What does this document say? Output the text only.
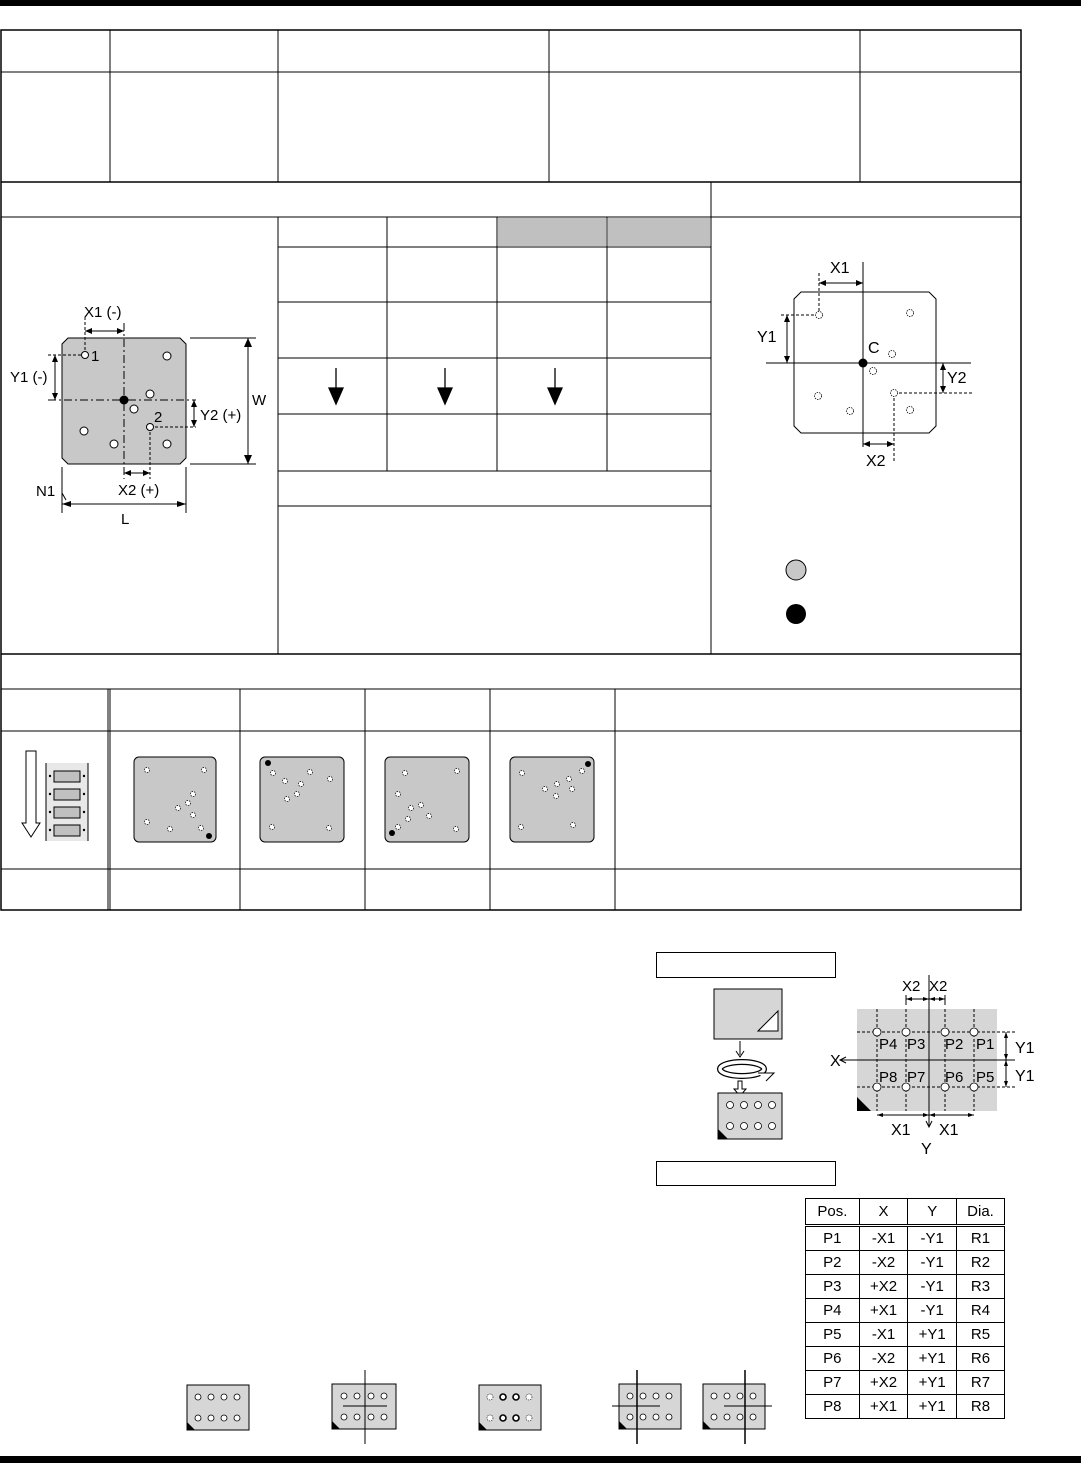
X1 (-)
1
Y1 (-)
2	Y2 (+)
W
N1	X2 (+)
L
X1
Y1
C
Y2
X2
X2 X2
P4 P3 P2 P1 Y1
X
P8 P7 P6 P5 Y1
X1 X1
Y
Pos.	X	Y	Dia.
P1	-X1	-Y1	R1
P2	-X2	-Y1	R2
P3	+X2	-Y1	R3
P4	+X1	-Y1	R4
P5	-X1	+Y1	R5
P6	-X2	+Y1	R6
P7	+X2	+Y1	R7
P8	+X1	+Y1	R8
